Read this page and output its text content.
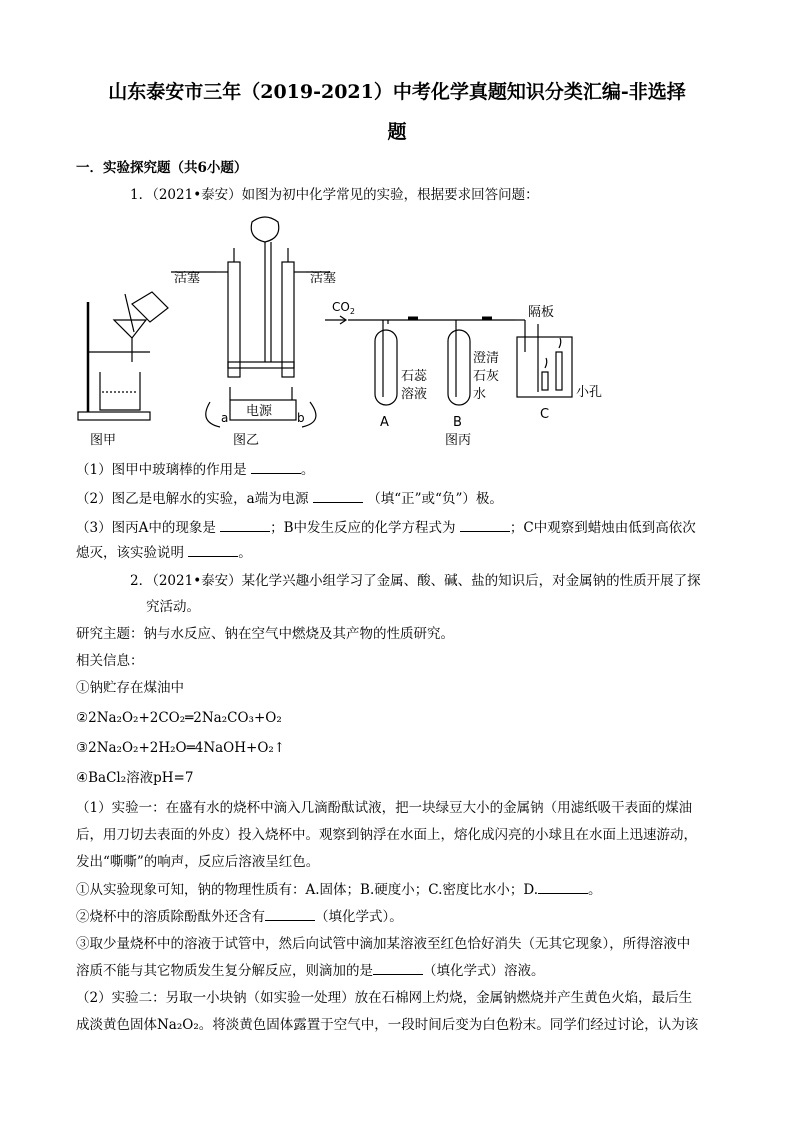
山东泰安市三年（2019-2021）中考化学真题知识分类汇编-非选择
题
一．实验探究题（共6小题）
1．（2021•泰安）如图为初中化学常见的实验，根据要求回答问题：
图甲	图乙	图丙
活塞	活塞
电源
a	b
$CO_2$
石蕊
溶液
澄清
石灰
水
A	B
C
隔板
小孔
（1）图甲中玻璃棒的作用是	。
（2）图乙是电解水的实验，a端为电源	（填“正”或“负”）极。
（3）图丙A中的现象是	；B中发生反应的化学方程式为	；C中观察到蜡烛由低到高依次
熄灭，该实验说明	。
2．（2021•泰安）某化学兴趣小组学习了金属、酸、碱、盐的知识后，对金属钠的性质开展了探
究活动。
研究主题：钠与水反应、钠在空气中燃烧及其产物的性质研究。
相关信息：
①钠贮存在煤油中
②2Na₂O₂+2CO₂═2Na₂CO₃+O₂
③2Na₂O₂+2H₂O═4NaOH+O₂↑
④BaCl₂溶液pH=7
（1）实验一：在盛有水的烧杯中滴入几滴酚酞试液，把一块绿豆大小的金属钠（用滤纸吸干表面的煤油
后，用刀切去表面的外皮）投入烧杯中。观察到钠浮在水面上，熔化成闪亮的小球且在水面上迅速游动，
发出“嘶嘶”的响声，反应后溶液呈红色。
①从实验现象可知，钠的物理性质有：A.固体；B.硬度小；C.密度比水小；D.	。
②烧杯中的溶质除酚酞外还含有	（填化学式）。
③取少量烧杯中的溶液于试管中，然后向试管中滴加某溶液至红色恰好消失（无其它现象），所得溶液中
溶质不能与其它物质发生复分解反应，则滴加的是	（填化学式）溶液。
（2）实验二：另取一小块钠（如实验一处理）放在石棉网上灼烧，金属钠燃烧并产生黄色火焰，最后生
成淡黄色固体Na₂O₂。将淡黄色固体露置于空气中，一段时间后变为白色粉末。同学们经过讨论，认为该
